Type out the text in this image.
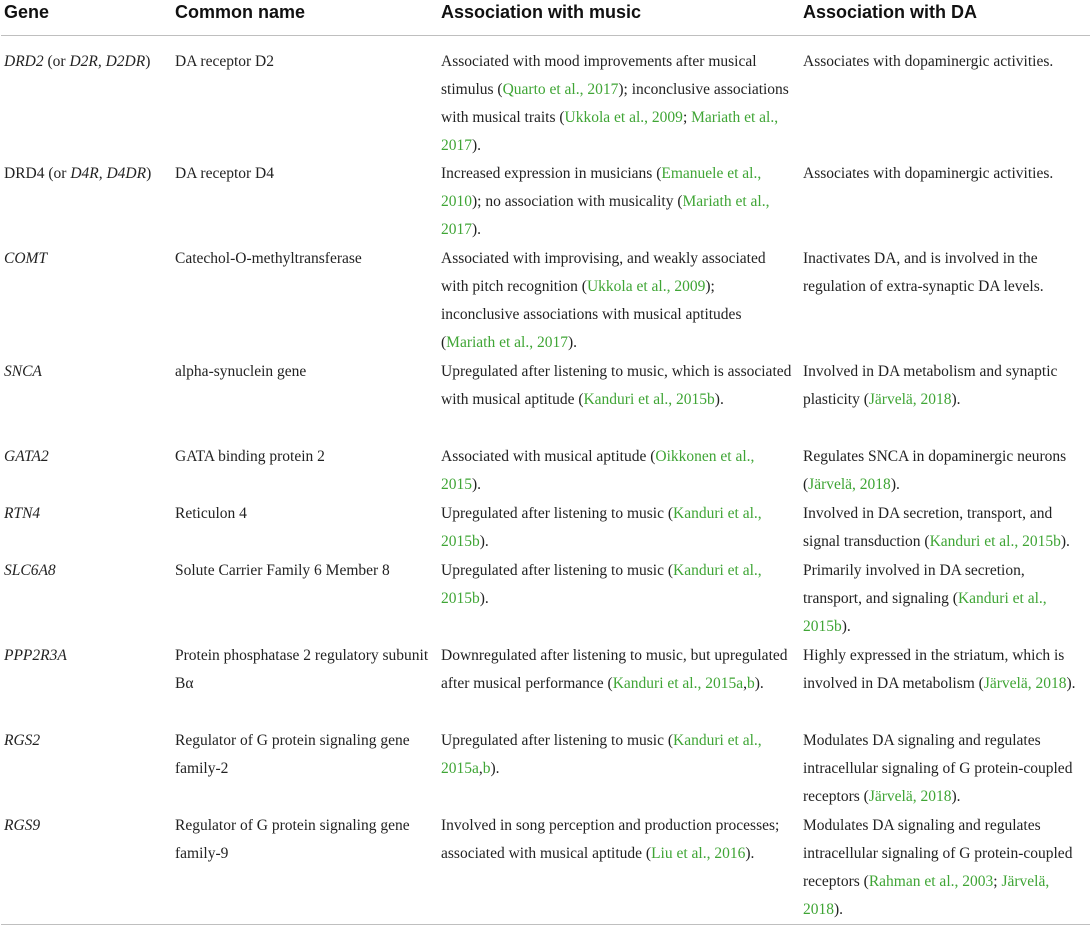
Gene	Common name	Association with music	Association with DA
DRD2 (or D2R, D2DR)	DA receptor D2	Associated with mood improvements after musical stimulus (Quarto et al., 2017); inconclusive associations with musical traits (Ukkola et al., 2009; Mariath et al., 2017).	Associates with dopaminergic activities.
DRD4 (or D4R, D4DR)	DA receptor D4	Increased expression in musicians (Emanuele et al., 2010); no association with musicality (Mariath et al., 2017).	Associates with dopaminergic activities.
COMT	Catechol-O-methyltransferase	Associated with improvising, and weakly associated with pitch recognition (Ukkola et al., 2009); inconclusive associations with musical aptitudes (Mariath et al., 2017).	Inactivates DA, and is involved in the regulation of extra-synaptic DA levels.
SNCA	alpha-synuclein gene	Upregulated after listening to music, which is associated with musical aptitude (Kanduri et al., 2015b).	Involved in DA metabolism and synaptic plasticity (Järvelä, 2018).
GATA2	GATA binding protein 2	Associated with musical aptitude (Oikkonen et al., 2015).	Regulates SNCA in dopaminergic neurons (Järvelä, 2018).
RTN4	Reticulon 4	Upregulated after listening to music (Kanduri et al., 2015b).	Involved in DA secretion, transport, and signal transduction (Kanduri et al., 2015b).
SLC6A8	Solute Carrier Family 6 Member 8	Upregulated after listening to music (Kanduri et al., 2015b).	Primarily involved in DA secretion, transport, and signaling (Kanduri et al., 2015b).
PPP2R3A	Protein phosphatase 2 regulatory subunit Bα	Downregulated after listening to music, but upregulated after musical performance (Kanduri et al., 2015a,b).	Highly expressed in the striatum, which is involved in DA metabolism (Järvelä, 2018).
RGS2	Regulator of G protein signaling gene family-2	Upregulated after listening to music (Kanduri et al., 2015a,b).	Modulates DA signaling and regulates intracellular signaling of G protein-coupled receptors (Järvelä, 2018).
RGS9	Regulator of G protein signaling gene family-9	Involved in song perception and production processes; associated with musical aptitude (Liu et al., 2016).	Modulates DA signaling and regulates intracellular signaling of G protein-coupled receptors (Rahman et al., 2003; Järvelä, 2018).
